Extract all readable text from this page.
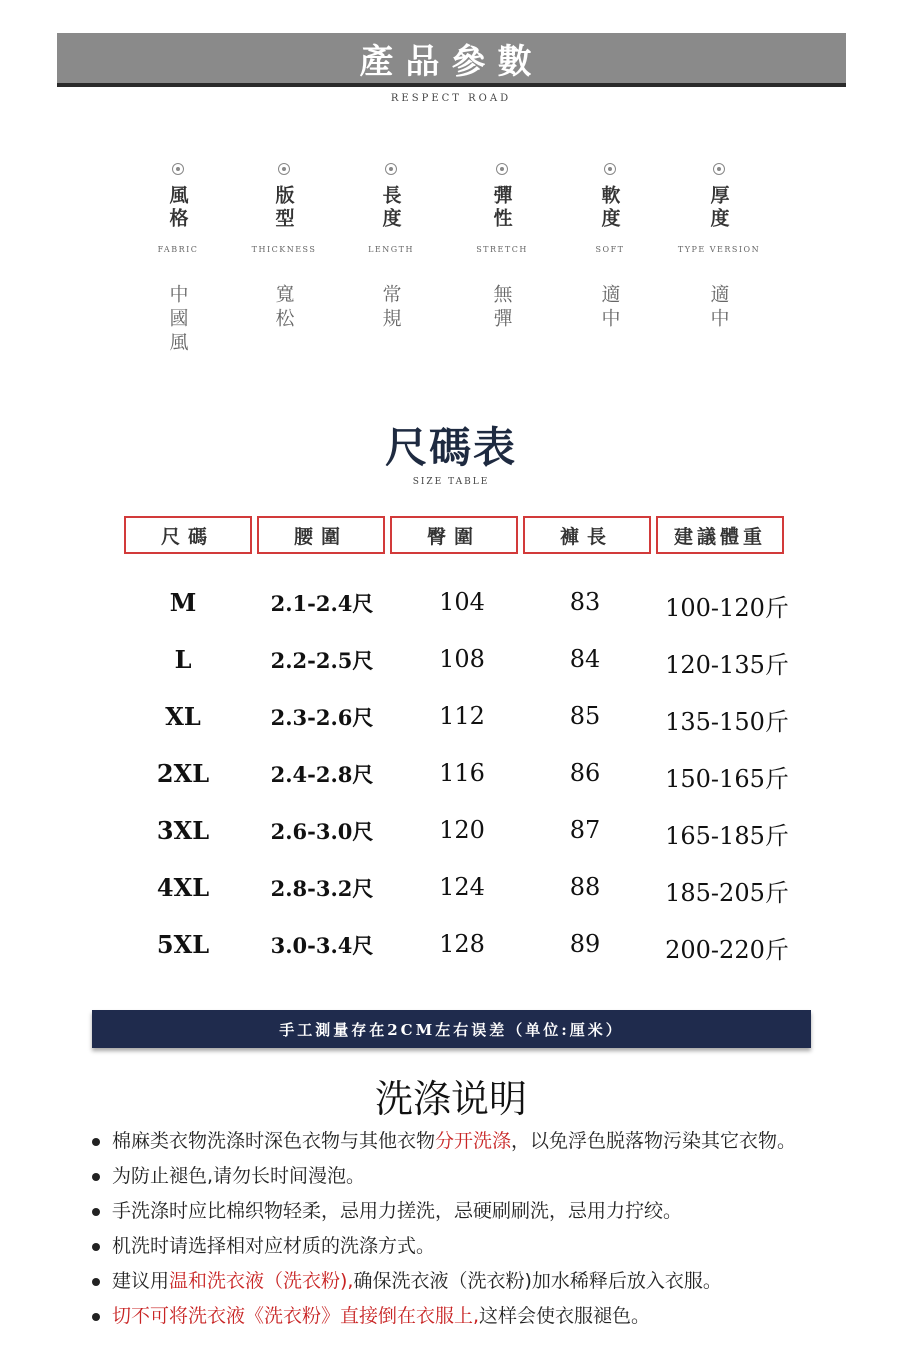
產品參數
RESPECT ROAD
風格
FABRIC
中國風
版型
THICKNESS
寬松
長度
LENGTH
常規
彈性
STRETCH
無彈
軟度
SOFT
適中
厚度
TYPE VERSION
適中
尺碼表
SIZE TABLE
尺碼	腰圍	臀圍	褲長	建議體重
M	2.1-2.4尺	104	83	100-120斤
L	2.2-2.5尺	108	84	120-135斤
XL	2.3-2.6尺	112	85	135-150斤
2XL	2.4-2.8尺	116	86	150-165斤
3XL	2.6-3.0尺	120	87	165-185斤
4XL	2.8-3.2尺	124	88	185-205斤
5XL	3.0-3.4尺	128	89	200-220斤
手工測量存在2CM左右误差（单位:厘米）
洗涤说明
棉麻类衣物洗涤时深色衣物与其他衣物分开洗涤，以免浮色脱落物污染其它衣物。
为防止褪色,请勿长时间漫泡。
手洗涤时应比棉织物轻柔，忌用力搓洗，忌硬刷刷洗，忌用力拧绞。
机洗时请选择相对应材质的洗涤方式。
建议用温和洗衣液（洗衣粉),确保洗衣液（洗衣粉)加水稀释后放入衣服。
切不可将洗衣液《洗衣粉》直接倒在衣服上,这样会使衣服褪色。
